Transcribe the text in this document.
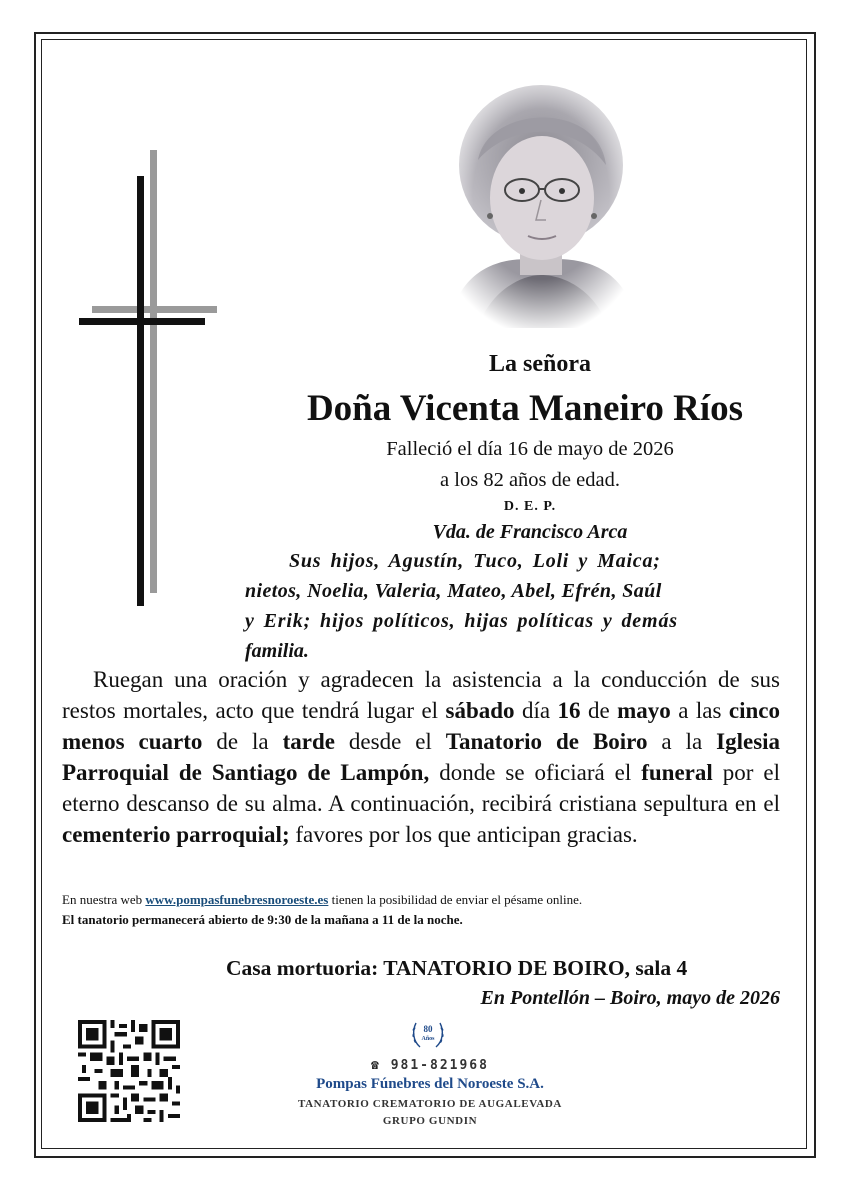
La señora
Doña Vicenta Maneiro Ríos
Falleció el día 16 de mayo de 2026
a los 82 años de edad.
D. E. P.
Vda. de Francisco Arca
Sus hijos, Agustín, Tuco, Loli y Maica;
nietos, Noelia, Valeria, Mateo, Abel, Efrén, Saúl
y Erik; hijos políticos, hijas políticas y demás
familia.
Ruegan una oración y agradecen la asistencia a la conducción de sus restos mortales, acto que tendrá lugar el sábado día 16 de mayo a las cinco menos cuarto de la tarde desde el Tanatorio de Boiro a la Iglesia Parroquial de Santiago de Lampón, donde se oficiará el funeral por el eterno descanso de su alma. A continuación, recibirá cristiana sepultura en el cementerio parroquial; favores por los que anticipan gracias.
En nuestra web www.pompasfunebresnoroeste.es tienen la posibilidad de enviar el pésame online.
El tanatorio permanecerá abierto de 9:30 de la mañana a 11 de la noche.
Casa mortuoria: TANATORIO DE BOIRO, sala 4
En Pontellón – Boiro, mayo de 2026
80
Años
☎ 981-821968
Pompas Fúnebres del Noroeste S.A.
TANATORIO CREMATORIO DE AUGALEVADA
GRUPO GUNDIN
